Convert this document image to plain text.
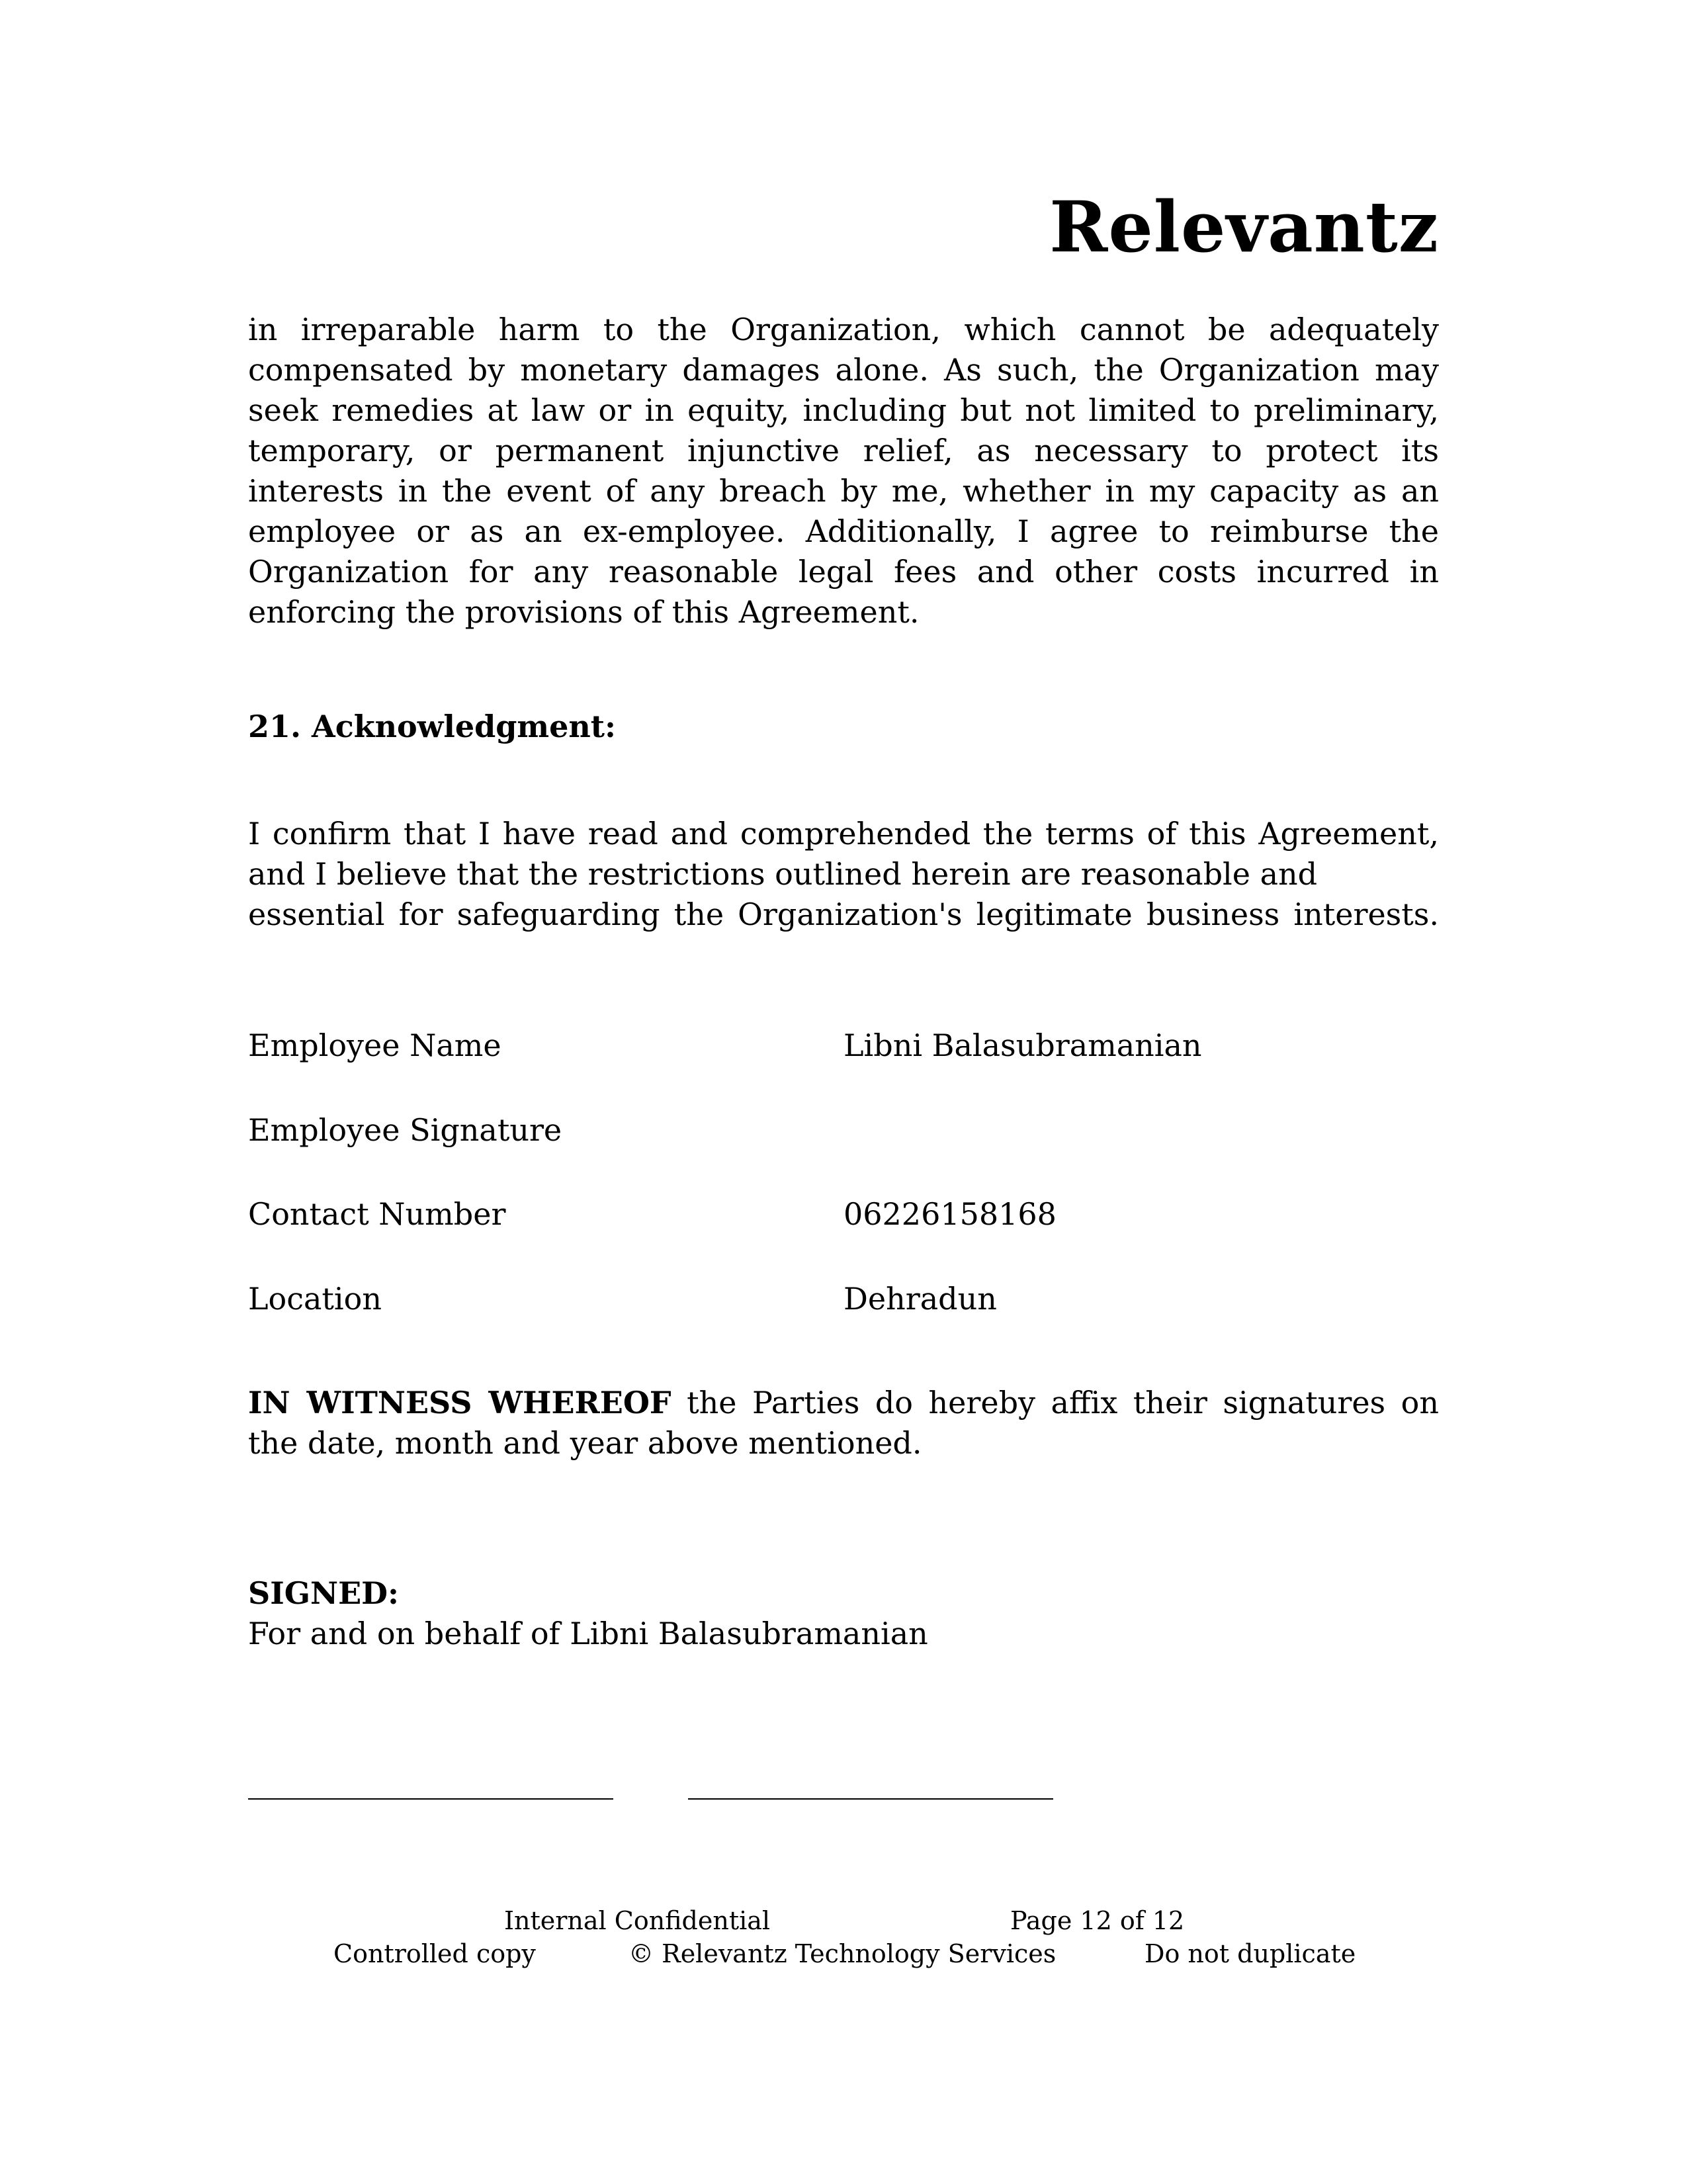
Relevantz

in irreparable harm to the Organization, which cannot be adequately compensated by monetary damages alone. As such, the Organization may seek remedies at law or in equity, including but not limited to preliminary, temporary, or permanent injunctive relief, as necessary to protect its interests in the event of any breach by me, whether in my capacity as an employee or as an ex-employee. Additionally, I agree to reimburse the Organization for any reasonable legal fees and other costs incurred in enforcing the provisions of this Agreement.

21. Acknowledgment:

I confirm that I have read and comprehended the terms of this Agreement, and I believe that the restrictions outlined herein are reasonable and
essential for safeguarding the Organization's legitimate business interests.

Employee Name	Libni Balasubramanian
Employee Signature
Contact Number	06226158168
Location	Dehradun

IN WITNESS WHEREOF the Parties do hereby affix their signatures on the date, month and year above mentioned.

SIGNED:
For and on behalf of Libni Balasubramanian
Internal Confidential	Page 12 of 12
Controlled copy	© Relevantz Technology Services	Do not duplicate
